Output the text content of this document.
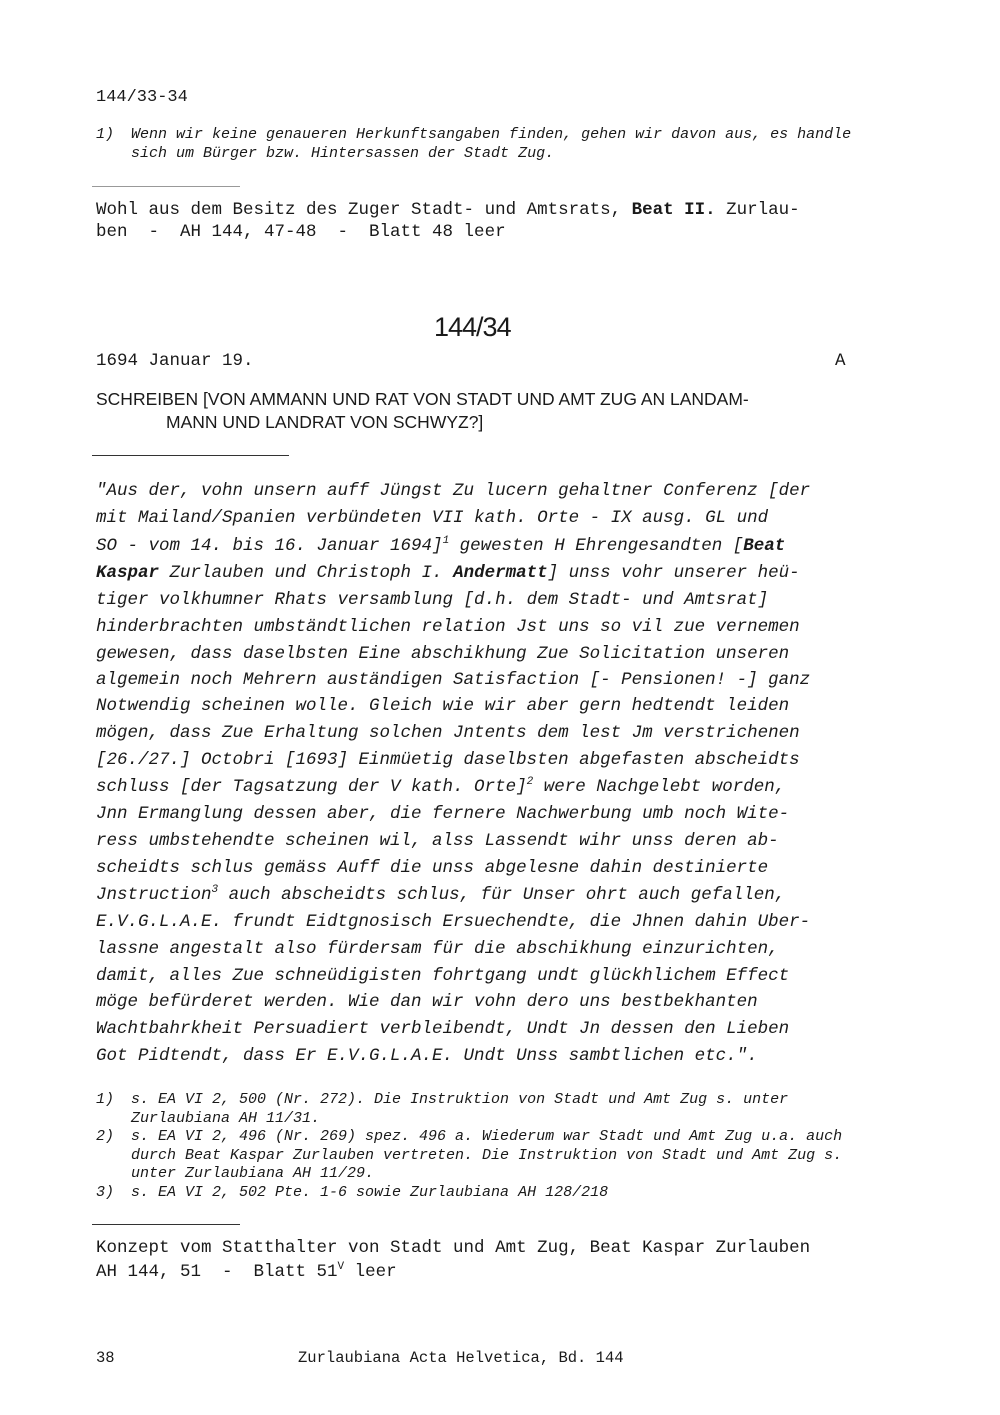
144/33-34
1) Wenn wir keine genaueren Herkunftsangaben finden, gehen wir davon aus, es handle sich um Bürger bzw. Hintersassen der Stadt Zug.
Wohl aus dem Besitz des Zuger Stadt- und Amtsrats, Beat II. Zurlau-
ben  -  AH 144, 47-48  -  Blatt 48 leer
144/34
1694 Januar 19.	A
SCHREIBEN [VON AMMANN UND RAT VON STADT UND AMT ZUG AN LANDAM-
MANN UND LANDRAT VON SCHWYZ?]
"Aus der, vohn unsern auff Jüngst Zu lucern gehaltner Conferenz [der
mit Mailand/Spanien verbündeten VII kath. Orte - IX ausg. GL und
SO - vom 14. bis 16. Januar 1694]$^1$ gewesten H Ehrengesandten [Beat
Kaspar Zurlauben und Christoph I. Andermatt] unss vohr unserer heü-
tiger volkhumner Rhats versamblung [d.h. dem Stadt- und Amtsrat]
hinderbrachten umbständtlichen relation Jst uns so vil zue vernemen
gewesen, dass daselbsten Eine abschikhung Zue Solicitation unseren
algemein noch Mehrern auständigen Satisfaction [- Pensionen! -] ganz
Notwendig scheinen wolle. Gleich wie wir aber gern hedtendt leiden
mögen, dass Zue Erhaltung solchen Jntents dem lest Jm verstrichenen
[26./27.] Octobri [1693] Einmüetig daselbsten abgefasten abscheidts
schluss [der Tagsatzung der V kath. Orte]$^2$ were Nachgelebt worden,
Jnn Ermanglung dessen aber, die fernere Nachwerbung umb noch Wite-
ress umbstehendte scheinen wil, alss Lassendt wihr unss deren ab-
scheidts schlus gemäss Auff die unss abgelesne dahin destinierte
Jnstruction$^3$ auch abscheidts schlus, für Unser ohrt auch gefallen,
E.V.G.L.A.E. frundt Eidtgnosisch Ersuechendte, die Jhnen dahin Uber-
lassne angestalt also fürdersam für die abschikhung einzurichten,
damit, alles Zue schneüdigisten fohrtgang undt glückhlichem Effect
möge befürderet werden. Wie dan wir vohn dero uns bestbekhanten
Wachtbahrkheit Persuadiert verbleibendt, Undt Jn dessen den Lieben
Got Pidtendt, dass Er E.V.G.L.A.E. Undt Unss sambtlichen etc.".
1) s. EA VI 2, 500 (Nr. 272). Die Instruktion von Stadt und Amt Zug s. unter Zurlaubiana AH 11/31.
2) s. EA VI 2, 496 (Nr. 269) spez. 496 a. Wiederum war Stadt und Amt Zug u.a. auch durch Beat Kaspar Zurlauben vertreten. Die Instruktion von Stadt und Amt Zug s. unter Zurlaubiana AH 11/29.
3) s. EA VI 2, 502 Pte. 1-6 sowie Zurlaubiana AH 128/218
Konzept vom Statthalter von Stadt und Amt Zug, Beat Kaspar Zurlauben
AH 144, 51  -  Blatt $51^V$ leer
38	Zurlaubiana Acta Helvetica, Bd. 144
